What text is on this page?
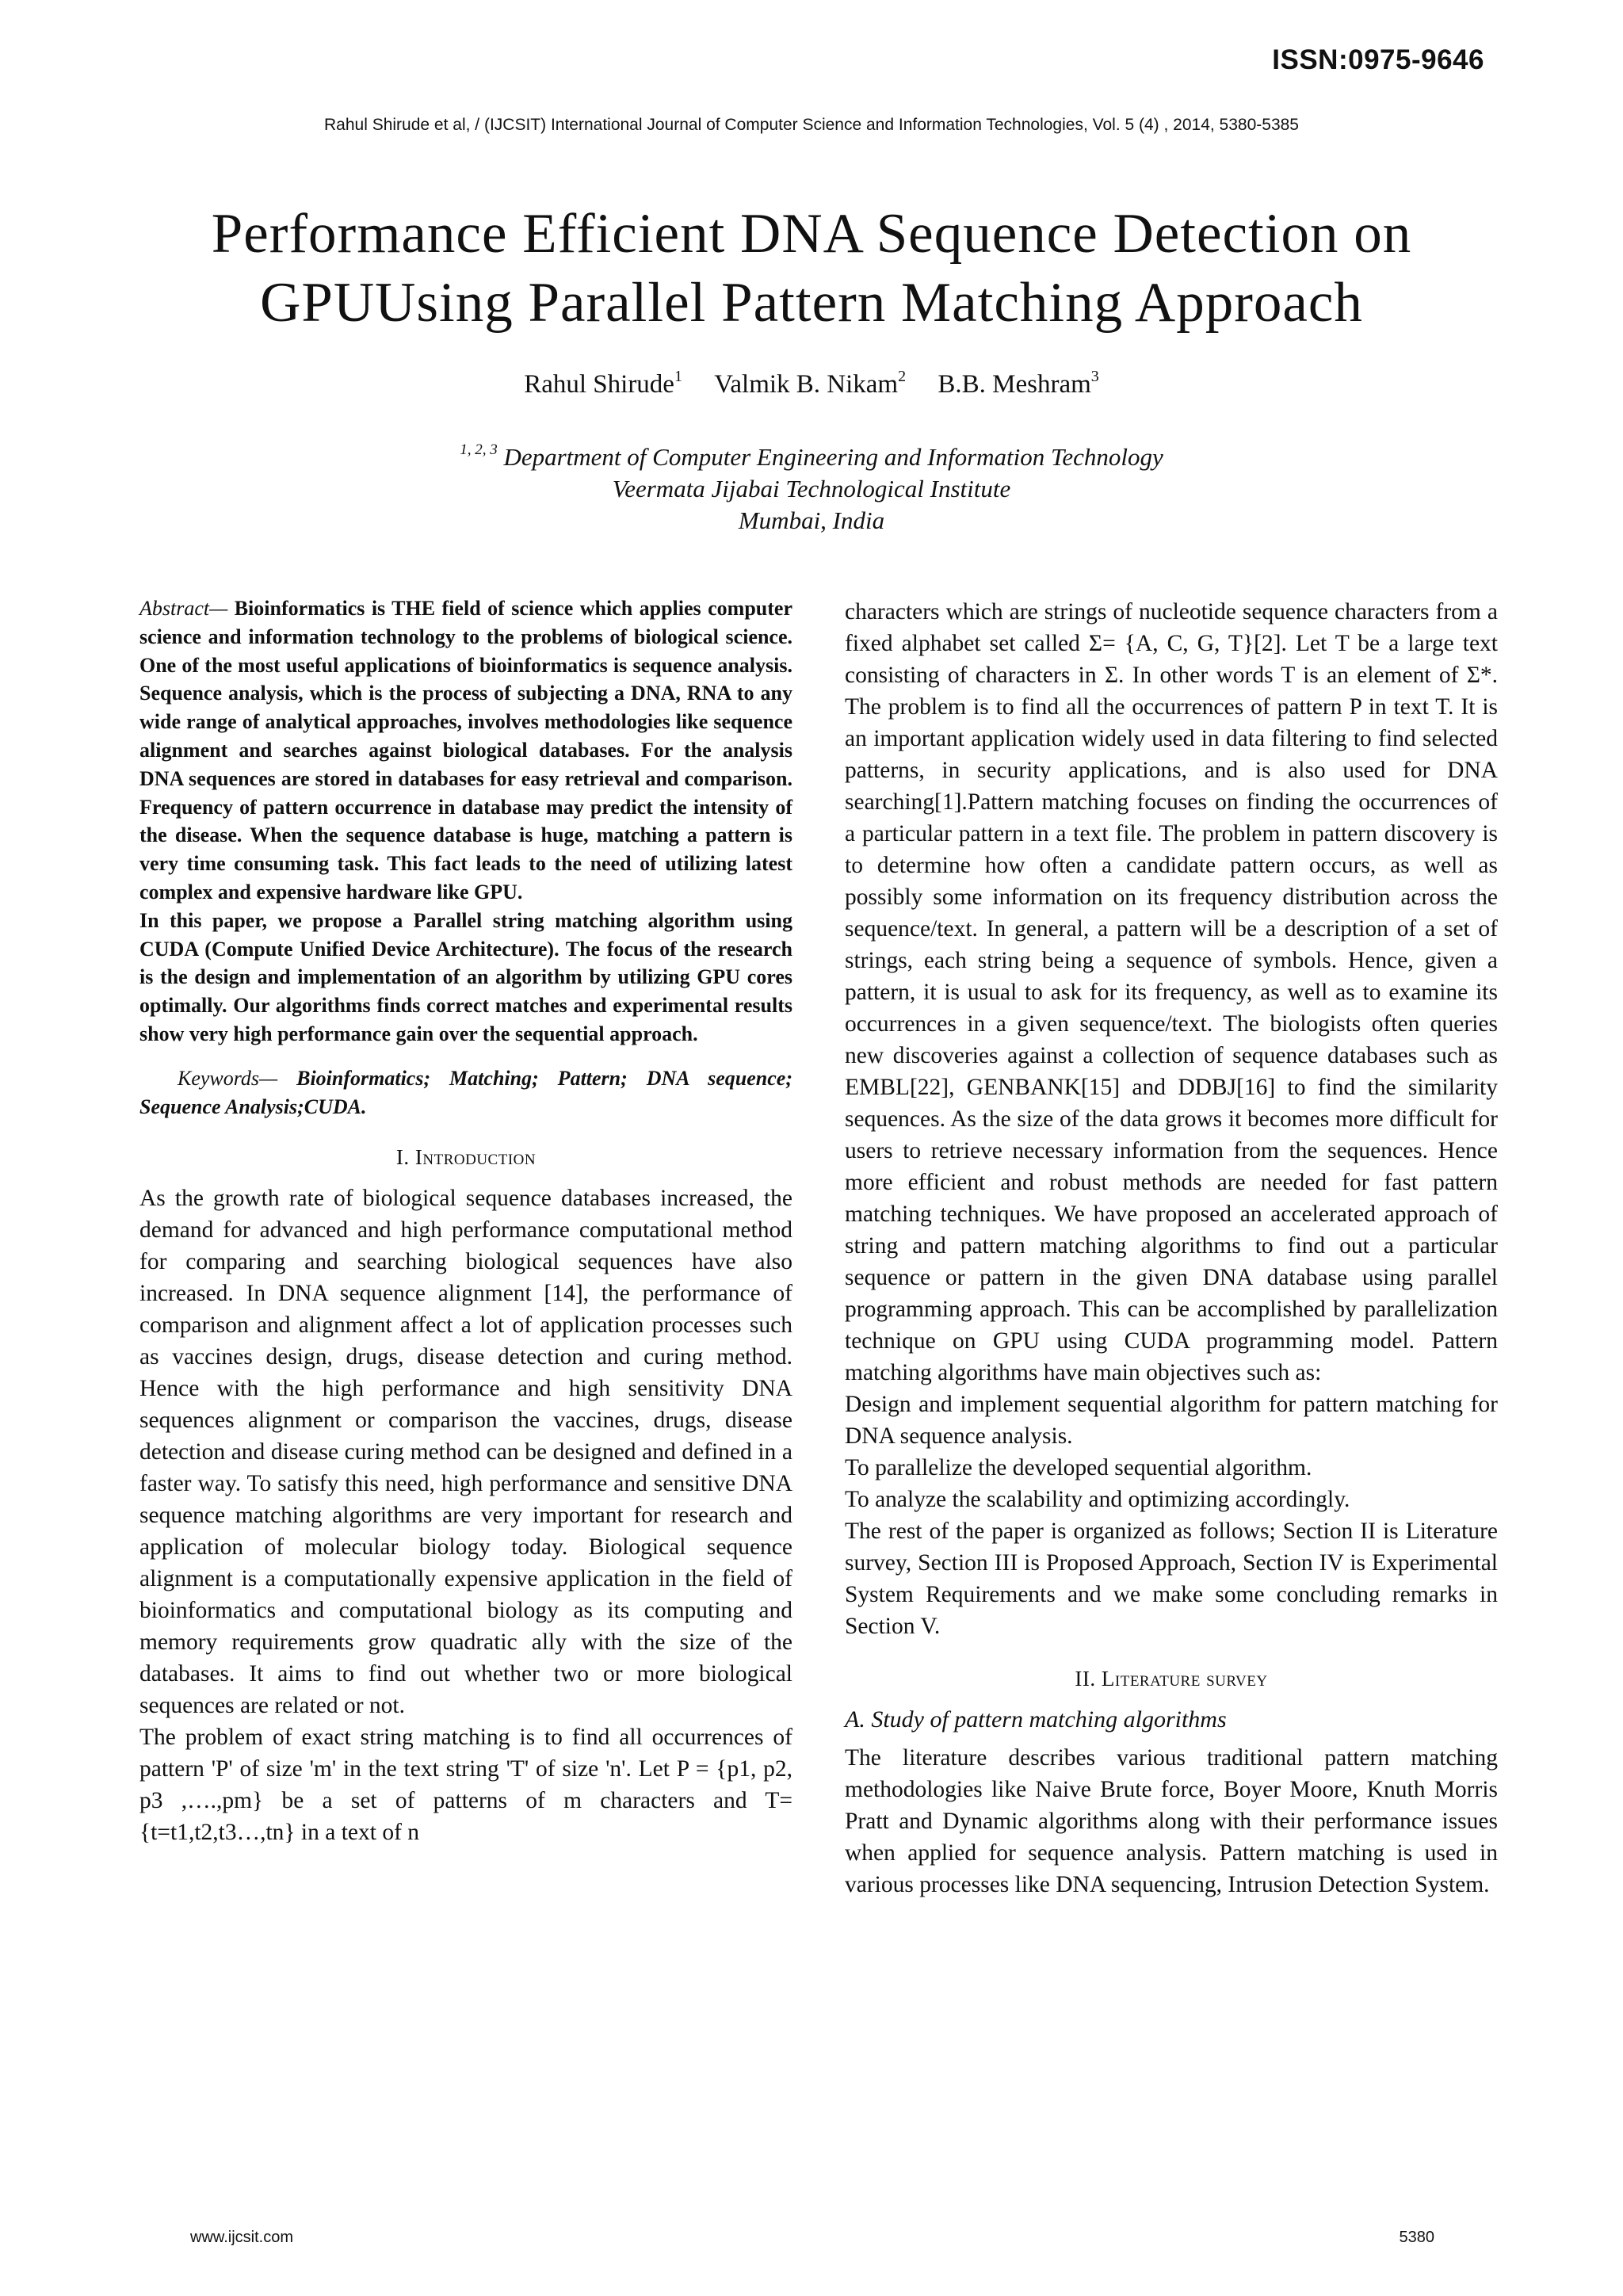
ISSN:0975-9646
Rahul Shirude et al, / (IJCSIT) International Journal of Computer Science and Information Technologies, Vol. 5 (4) , 2014, 5380-5385
Performance Efficient DNA Sequence Detection on
GPUUsing Parallel Pattern Matching Approach
Rahul Shirude$^1$ Valmik B. Nikam$^2$ B.B. Meshram$^3$
$^{1, 2, 3}$ Department of Computer Engineering and Information Technology
Veermata Jijabai Technological Institute
Mumbai, India

Abstract— Bioinformatics is THE field of science which applies computer science and information technology to the problems of biological science. One of the most useful applications of bioinformatics is sequence analysis. Sequence analysis, which is the process of subjecting a DNA, RNA to any wide range of analytical approaches, involves methodologies like sequence alignment and searches against biological databases. For the analysis DNA sequences are stored in databases for easy retrieval and comparison. Frequency of pattern occurrence in database may predict the intensity of the disease. When the sequence database is huge, matching a pattern is very time consuming task. This fact leads to the need of utilizing latest complex and expensive hardware like GPU.

In this paper, we propose a Parallel string matching algorithm using CUDA (Compute Unified Device Architecture). The focus of the research is the design and implementation of an algorithm by utilizing GPU cores optimally. Our algorithms finds correct matches and experimental results show very high performance gain over the sequential approach.

Keywords— Bioinformatics; Matching; Pattern; DNA sequence; Sequence Analysis;CUDA.

I. Introduction

As the growth rate of biological sequence databases increased, the demand for advanced and high performance computational method for comparing and searching biological sequences have also increased. In DNA sequence alignment [14], the performance of comparison and alignment affect a lot of application processes such as vaccines design, drugs, disease detection and curing method. Hence with the high performance and high sensitivity DNA sequences alignment or comparison the vaccines, drugs, disease detection and disease curing method can be designed and defined in a faster way. To satisfy this need, high performance and sensitive DNA sequence matching algorithms are very important for research and application of molecular biology today. Biological sequence alignment is a computationally expensive application in the field of bioinformatics and computational biology as its computing and memory requirements grow quadratic ally with the size of the databases. It aims to find out whether two or more biological sequences are related or not.

The problem of exact string matching is to find all occurrences of pattern 'P' of size 'm' in the text string 'T' of size 'n'. Let P = {p1, p2, p3 ,….,pm} be a set of patterns of m characters and T={t=t1,t2,t3…,tn} in a text of n

characters which are strings of nucleotide sequence characters from a fixed alphabet set called Σ= {A, C, G, T}[2]. Let T be a large text consisting of characters in Σ. In other words T is an element of Σ*. The problem is to find all the occurrences of pattern P in text T. It is an important application widely used in data filtering to find selected patterns, in security applications, and is also used for DNA searching[1].Pattern matching focuses on finding the occurrences of a particular pattern in a text file. The problem in pattern discovery is to determine how often a candidate pattern occurs, as well as possibly some information on its frequency distribution across the sequence/text. In general, a pattern will be a description of a set of strings, each string being a sequence of symbols. Hence, given a pattern, it is usual to ask for its frequency, as well as to examine its occurrences in a given sequence/text. The biologists often queries new discoveries against a collection of sequence databases such as EMBL[22], GENBANK[15] and DDBJ[16] to find the similarity sequences. As the size of the data grows it becomes more difficult for users to retrieve necessary information from the sequences. Hence more efficient and robust methods are needed for fast pattern matching techniques. We have proposed an accelerated approach of string and pattern matching algorithms to find out a particular sequence or pattern in the given DNA database using parallel programming approach. This can be accomplished by parallelization technique on GPU using CUDA programming model. Pattern matching algorithms have main objectives such as:

Design and implement sequential algorithm for pattern matching for DNA sequence analysis.

To parallelize the developed sequential algorithm.

To analyze the scalability and optimizing accordingly.

The rest of the paper is organized as follows; Section II is Literature survey, Section III is Proposed Approach, Section IV is Experimental System Requirements and we make some concluding remarks in Section V.

II. Literature survey

A. Study of pattern matching algorithms

The literature describes various traditional pattern matching methodologies like Naive Brute force, Boyer Moore, Knuth Morris Pratt and Dynamic algorithms along with their performance issues when applied for sequence analysis. Pattern matching is used in various processes like DNA sequencing, Intrusion Detection System.

www.ijcsit.com	5380
